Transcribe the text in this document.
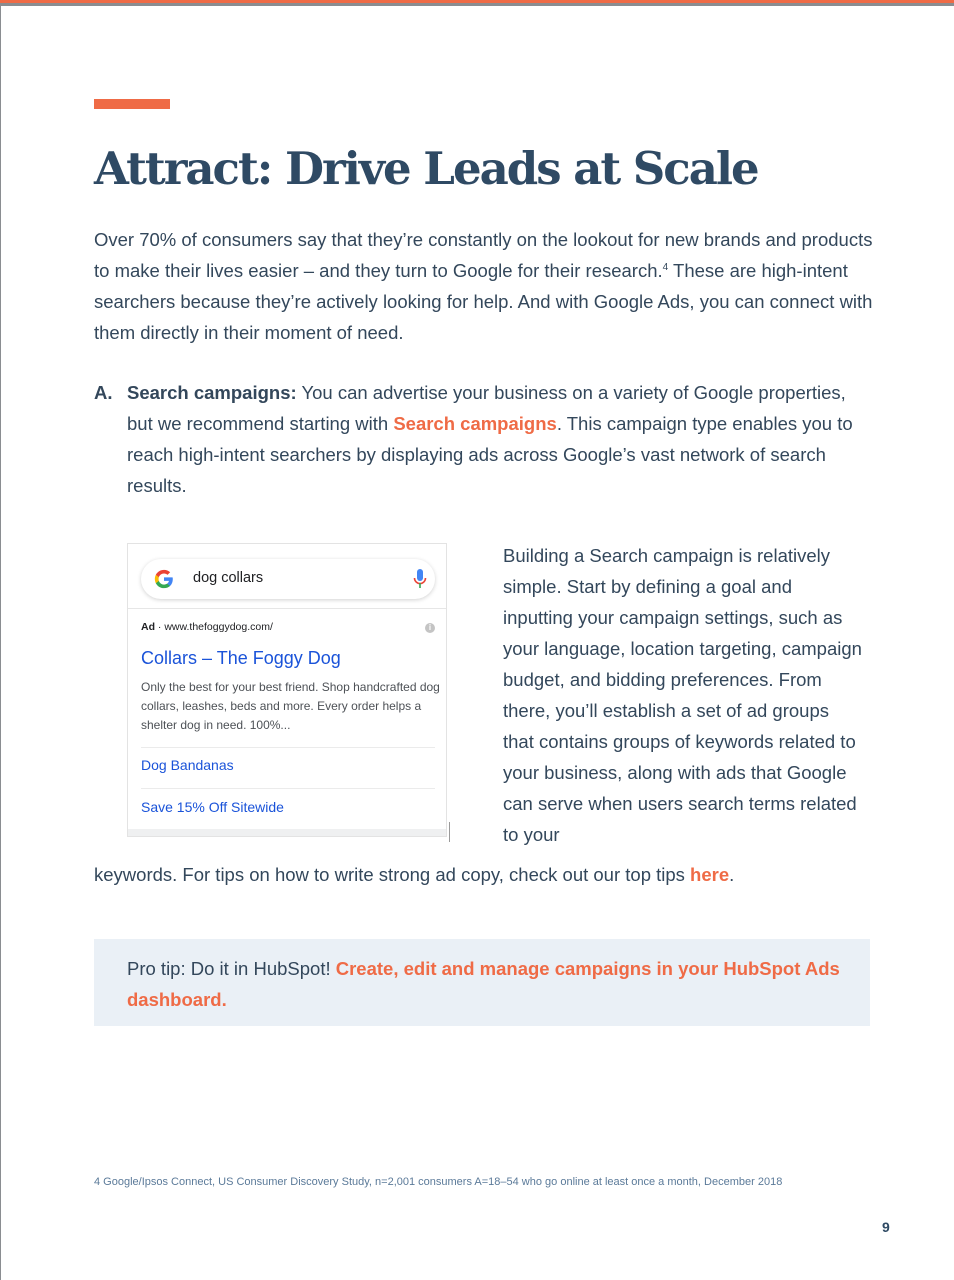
Attract: Drive Leads at Scale

Over 70% of consumers say that they’re constantly on the lookout for new brands and products to make their lives easier – and they turn to Google for their research.$^4$ These are high-intent searchers because they’re actively looking for help. And with Google Ads, you can connect with them directly in their moment of need.

A. Search campaigns: You can advertise your business on a variety of Google properties, but we recommend starting with Search campaigns. This campaign type enables you to reach high-intent searchers by displaying ads across Google’s vast network of search results.
dog collars
Ad · www.thefoggydog.com/	i
Collars – The Foggy Dog
Only the best for your best friend. Shop handcrafted dog collars, leashes, beds and more. Every order helps a shelter dog in need. 100%...
Dog Bandanas
Save 15% Off Sitewide

Building a Search campaign is relatively simple. Start by defining a goal and inputting your campaign settings, such as your language, location targeting, campaign budget, and bidding preferences. From there, you’ll establish a set of ad groups that contains groups of keywords related to your business, along with ads that Google can serve when users search terms related to your

keywords. For tips on how to write strong ad copy, check out our top tips here.

Pro tip: Do it in HubSpot! Create, edit and manage campaigns in your HubSpot Ads dashboard.
4 Google/Ipsos Connect, US Consumer Discovery Study, n=2,001 consumers A=18–54 who go online at least once a month, December 2018
9
